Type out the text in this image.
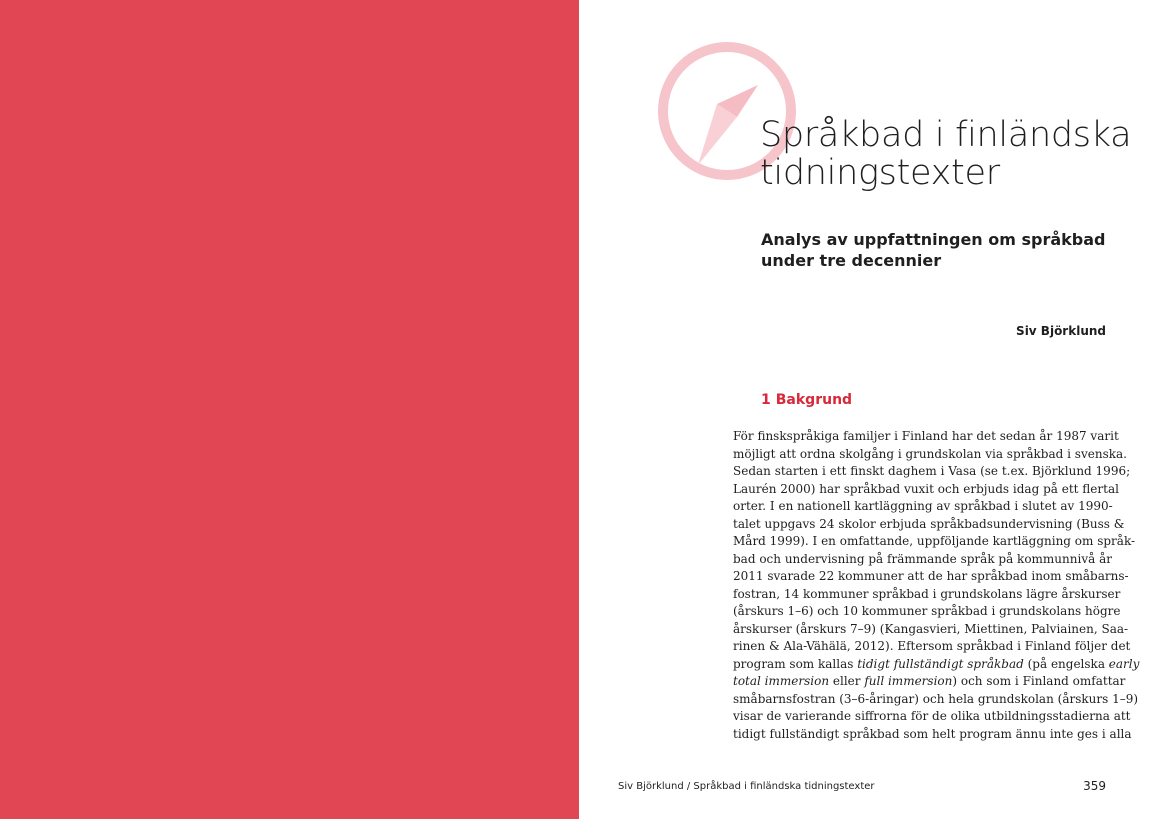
Språkbad i finländska
tidningstexter
Analys av uppfattningen om språkbad
under tre decennier
Siv Björklund
1 Bakgrund

För finskspråkiga familjer i Finland har det sedan år 1987 varit
möjligt att ordna skolgång i grundskolan via språkbad i svenska.
Sedan starten i ett finskt daghem i Vasa (se t.ex. Björklund 1996;
Laurén 2000) har språkbad vuxit och erbjuds idag på ett flertal
orter. I en nationell kartläggning av språkbad i slutet av 1990-
talet uppgavs 24 skolor erbjuda språkbadsundervisning (Buss &
Mård 1999). I en omfattande, uppföljande kartläggning om språk-
bad och undervisning på främmande språk på kommunnivå år
2011 svarade 22 kommuner att de har språkbad inom småbarns-
fostran, 14 kommuner språkbad i grundskolans lägre årskurser
(årskurs 1–6) och 10 kommuner språkbad i grundskolans högre
årskurser (årskurs 7–9) (Kangasvieri, Miettinen, Palviainen, Saa-
rinen & Ala-Vähälä, 2012). Eftersom språkbad i Finland följer det
program som kallas tidigt fullständigt språkbad (på engelska early
total immersion eller full immersion) och som i Finland omfattar
småbarnsfostran (3–6-åringar) och hela grundskolan (årskurs 1–9)
visar de varierande siffrorna för de olika utbildningsstadierna att
tidigt fullständigt språkbad som helt program ännu inte ges i alla

Siv Björklund / Språkbad i finländska tidningstexter	359
